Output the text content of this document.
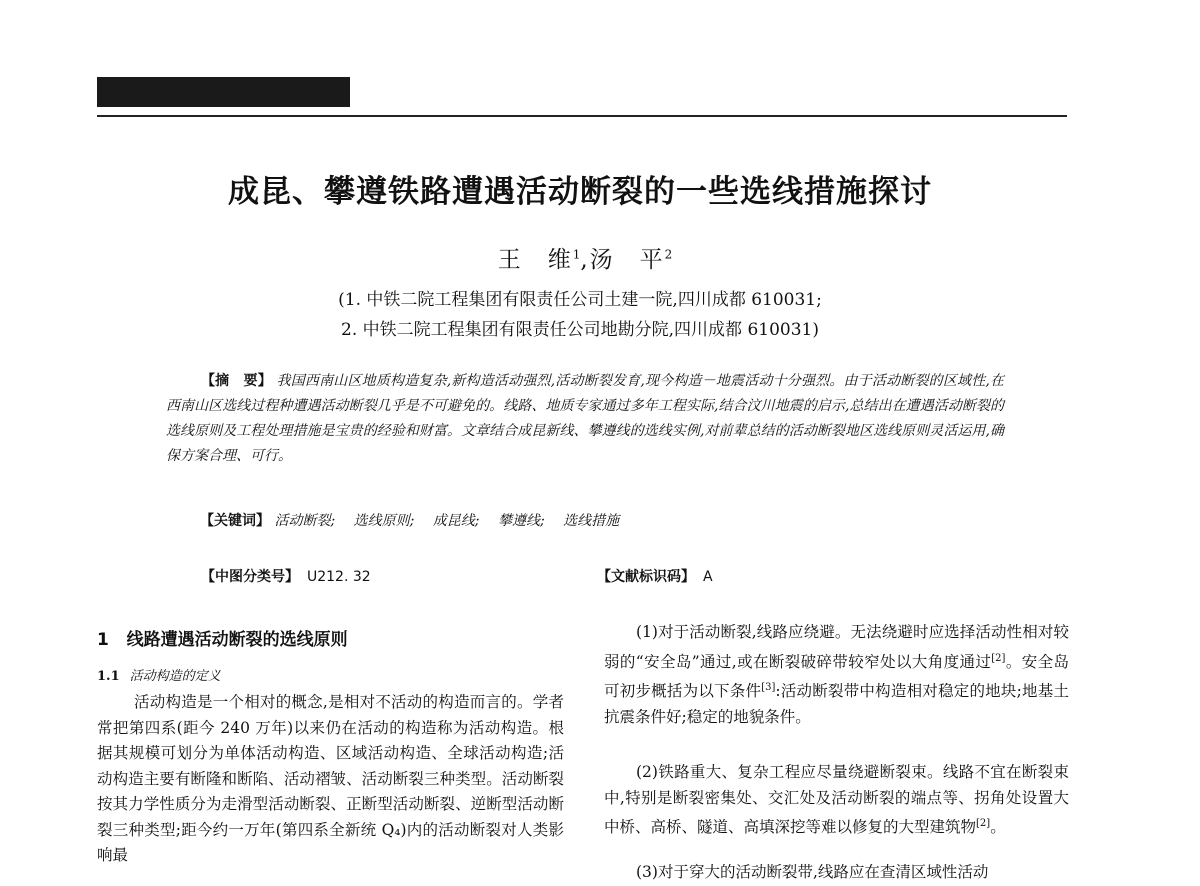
成昆、攀遵铁路遭遇活动断裂的一些选线措施探讨
王　维$^1$,汤　平$^2$
(1. 中铁二院工程集团有限责任公司土建一院,四川成都 610031;
2. 中铁二院工程集团有限责任公司地勘分院,四川成都 610031)

【摘　要】 我国西南山区地质构造复杂,新构造活动强烈,活动断裂发育,现今构造－地震活动十分强烈。由于活动断裂的区域性,在西南山区选线过程种遭遇活动断裂几乎是不可避免的。线路、地质专家通过多年工程实际,结合汶川地震的启示,总结出在遭遇活动断裂的选线原则及工程处理措施是宝贵的经验和财富。文章结合成昆新线、攀遵线的选线实例,对前辈总结的活动断裂地区选线原则灵活运用,确保方案合理、可行。

【关键词】 活动断裂; 选线原则; 成昆线; 攀遵线; 选线措施
【中图分类号】 U212. 32	【文献标识码】 A
1 线路遭遇活动断裂的选线原则
1.1 活动构造的定义

活动构造是一个相对的概念,是相对不活动的构造而言的。学者常把第四系(距今 240 万年)以来仍在活动的构造称为活动构造。根据其规模可划分为单体活动构造、区域活动构造、全球活动构造;活动构造主要有断隆和断陷、活动褶皱、活动断裂三种类型。活动断裂按其力学性质分为走滑型活动断裂、正断型活动断裂、逆断型活动断裂三种类型;距今约一万年(第四系全新统 Q₄)内的活动断裂对人类影响最

(1)对于活动断裂,线路应绕避。无法绕避时应选择活动性相对较弱的“安全岛”通过,或在断裂破碎带较窄处以大角度通过[2]。安全岛可初步概括为以下条件[3]:活动断裂带中构造相对稳定的地块;地基土抗震条件好;稳定的地貌条件。

(2)铁路重大、复杂工程应尽量绕避断裂束。线路不宜在断裂束中,特别是断裂密集处、交汇处及活动断裂的端点等、拐角处设置大中桥、高桥、隧道、高填深挖等难以修复的大型建筑物[2]。

(3)对于穿大的活动断裂带,线路应在查清区域性活动
